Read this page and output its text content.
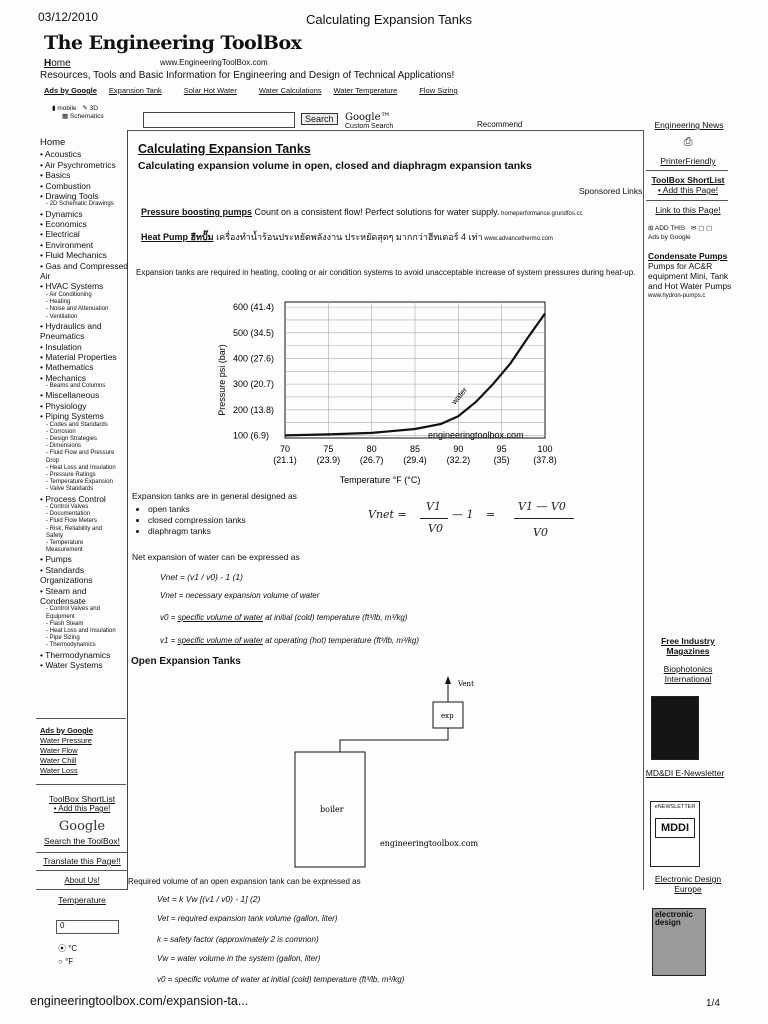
03/12/2010	Calculating Expansion Tanks
The Engineering ToolBox
Home	www.EngineeringToolBox.com
Resources, Tools and Basic Information for Engineering and Design of Technical Applications!
Ads by Google Expansion Tank	Solar Hot Water	Water Calculations Water Temperature	Flow Sizing
▮ mobile ✎ 3D
▦ Schematics	Search	Google™
Custom Search	Recommend
Home
• Acoustics
• Air Psychrometrics
• Basics
• Combustion
• Drawing Tools
- 2D Schematic Drawings
• Dynamics
• Economics
• Electrical
• Environment
• Fluid Mechanics
• Gas and Compressed
Air
• HVAC Systems
- Air Conditioning
- Heating
- Noise and Attenuation
- Ventilation
• Hydraulics and
Pneumatics
• Insulation
• Material Properties
• Mathematics
• Mechanics
- Beams and Columns
• Miscellaneous
• Physiology
• Piping Systems
- Codes and Standards
- Corrosion
- Design Strategies
- Dimensions
- Fluid Flow and Pressure
Drop
- Heat Loss and Insulation
- Pressure Ratings
- Temperature Expansion
- Valve Standards
• Process Control
- Control Valves
- Documentation
- Fluid Flow Meters
- Risk, Reliability and
Safety
- Temperature
Measurement
• Pumps
• Standards
Organizations
• Steam and
Condensate
- Control Valves and
Equipment
- Flash Steam
- Heat Loss and Insulation
- Pipe Sizing
- Thermodynamics
• Thermodynamics
• Water Systems
Ads by Google
Water Pressure
Water Flow
Water Chill
Water Loss
ToolBox ShortList
• Add this Page!
Google
Search the ToolBox!
Translate this Page!!
About Us!
Temperature
0
⦿ °C
○ °F
Calculating Expansion Tanks
Calculating expansion volume in open, closed and diaphragm expansion tanks
Sponsored Links
Pressure boosting pumps Count on a consistent flow! Perfect solutions for water supply. homeperformance.grundfos.cc
Heat Pump ฮีทปั๊ม เครื่องทำน้ำร้อนประหยัดพลังงาน ประหยัดสุดๆ มากกว่าฮีทเตอร์ 4 เท่า www.advancethermo.com
Expansion tanks are required in heating, cooling or air condition systems to avoid unacceptable increase of system pressures during heat-up.
100 (6.9)
200 (13.8)
300 (20.7)
400 (27.6)
500 (34.5)
600 (41.4)
70 (21.1)
75 (23.9)
80 (26.7)
85 (29.4)
90 (32.2)
95 (35)
100 (37.8)
water
engineeringtoolbox.com
Pressure psi (bar)
Temperature °F (°C)
Expansion tanks are in general designed as
• open tanks
• closed compression tanks
• diaphragm tanks
Vnet =
V1
V0
— 1 =
V1 — V0
V0
Net expansion of water can be expressed as
Vnet = (v1 / v0) - 1 (1)
Vnet = necessary expansion volume of water
v0 = specific volume of water at initial (cold) temperature (ft³/lb, m³/kg)
v1 = specific volume of water at operating (hot) temperature (ft³/lb, m³/kg)
Open Expansion Tanks
Vent
exp
boiler
engineeringtoolbox.com
Required volume of an open expansion tank can be expressed as
Vet = k Vw [(v1 / v0) - 1] (2)
Vet = required expansion tank volume (gallon, liter)
k = safety factor (approximately 2 is common)
Vw = water volume in the system (gallon, liter)
v0 = specific volume of water at initial (cold) temperature (ft³/lb, m³/kg)
Engineering News
⎙
PrinterFriendly
ToolBox ShortList
• Add this Page!
Link to this Page!
⊞ ADD THIS ✉ ▢ ▢
Ads by Google
Condensate Pumps
Pumps for AC&R equipment Mini, Tank and Hot Water Pumps
www.hydron-pumps.c
Free Industry Magazines
Biophotonics International
MD&DI E-Newsletter
eNEWSLETTER
MDDI
Electronic Design Europe
electronic design
engineeringtoolbox.com/expansion-ta...	1/4
